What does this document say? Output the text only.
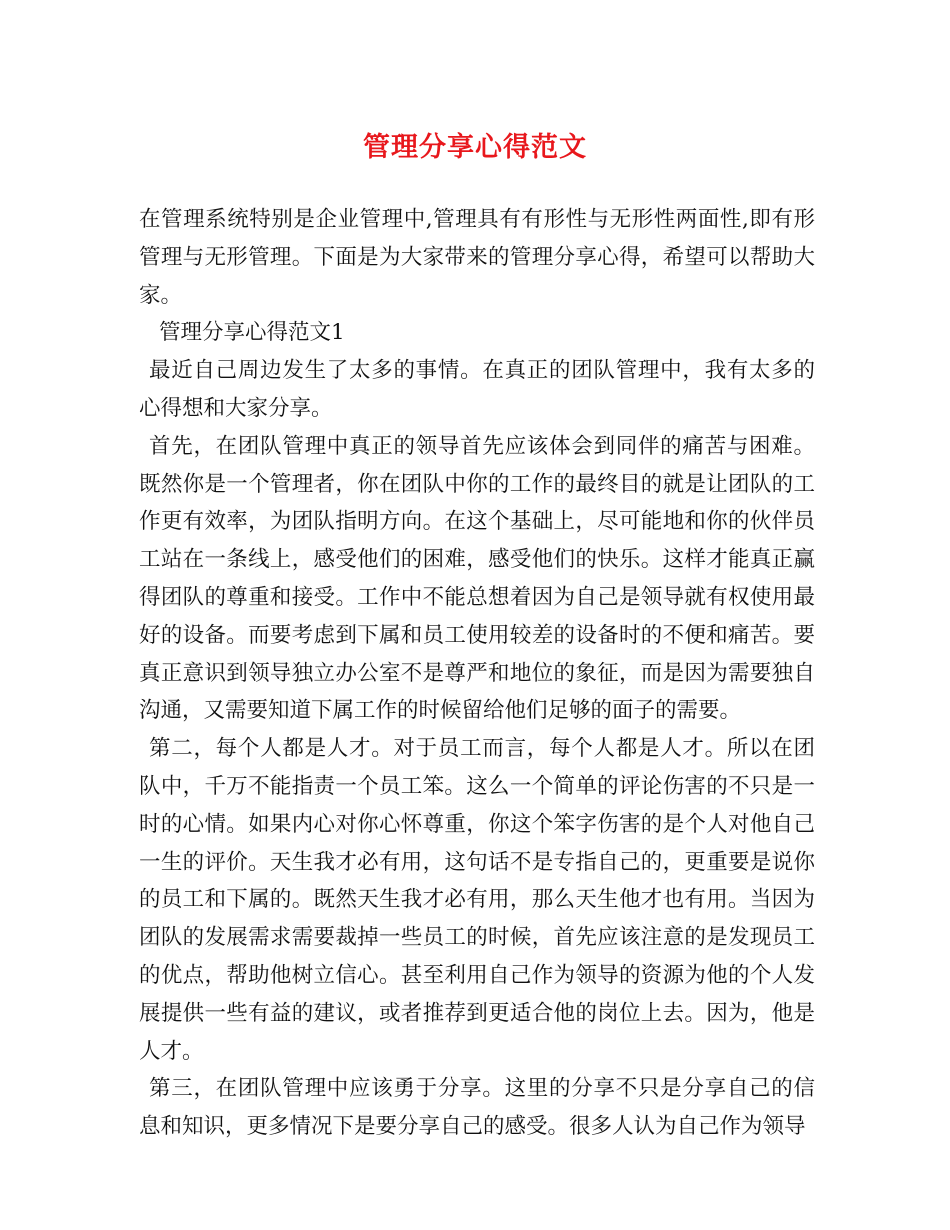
管理分享心得范文

在管理系统特别是企业管理中,管理具有有形性与无形性两面性,即有形管理与无形管理。下面是为大家带来的管理分享心得，希望可以帮助大家。

管理分享心得范文1

最近自己周边发生了太多的事情。在真正的团队管理中，我有太多的心得想和大家分享。

首先，在团队管理中真正的领导首先应该体会到同伴的痛苦与困难。既然你是一个管理者，你在团队中你的工作的最终目的就是让团队的工作更有效率，为团队指明方向。在这个基础上，尽可能地和你的伙伴员工站在一条线上，感受他们的困难，感受他们的快乐。这样才能真正赢得团队的尊重和接受。工作中不能总想着因为自己是领导就有权使用最好的设备。而要考虑到下属和员工使用较差的设备时的不便和痛苦。要真正意识到领导独立办公室不是尊严和地位的象征，而是因为需要独自沟通，又需要知道下属工作的时候留给他们足够的面子的需要。

第二，每个人都是人才。对于员工而言，每个人都是人才。所以在团队中，千万不能指责一个员工笨。这么一个简单的评论伤害的不只是一时的心情。如果内心对你心怀尊重，你这个笨字伤害的是个人对他自己一生的评价。天生我才必有用，这句话不是专指自己的，更重要是说你的员工和下属的。既然天生我才必有用，那么天生他才也有用。当因为团队的发展需求需要裁掉一些员工的时候，首先应该注意的是发现员工的优点，帮助他树立信心。甚至利用自己作为领导的资源为他的个人发展提供一些有益的建议，或者推荐到更适合他的岗位上去。因为，他是人才。

第三，在团队管理中应该勇于分享。这里的分享不只是分享自己的信息和知识，更多情况下是要分享自己的感受。很多人认为自己作为领导
